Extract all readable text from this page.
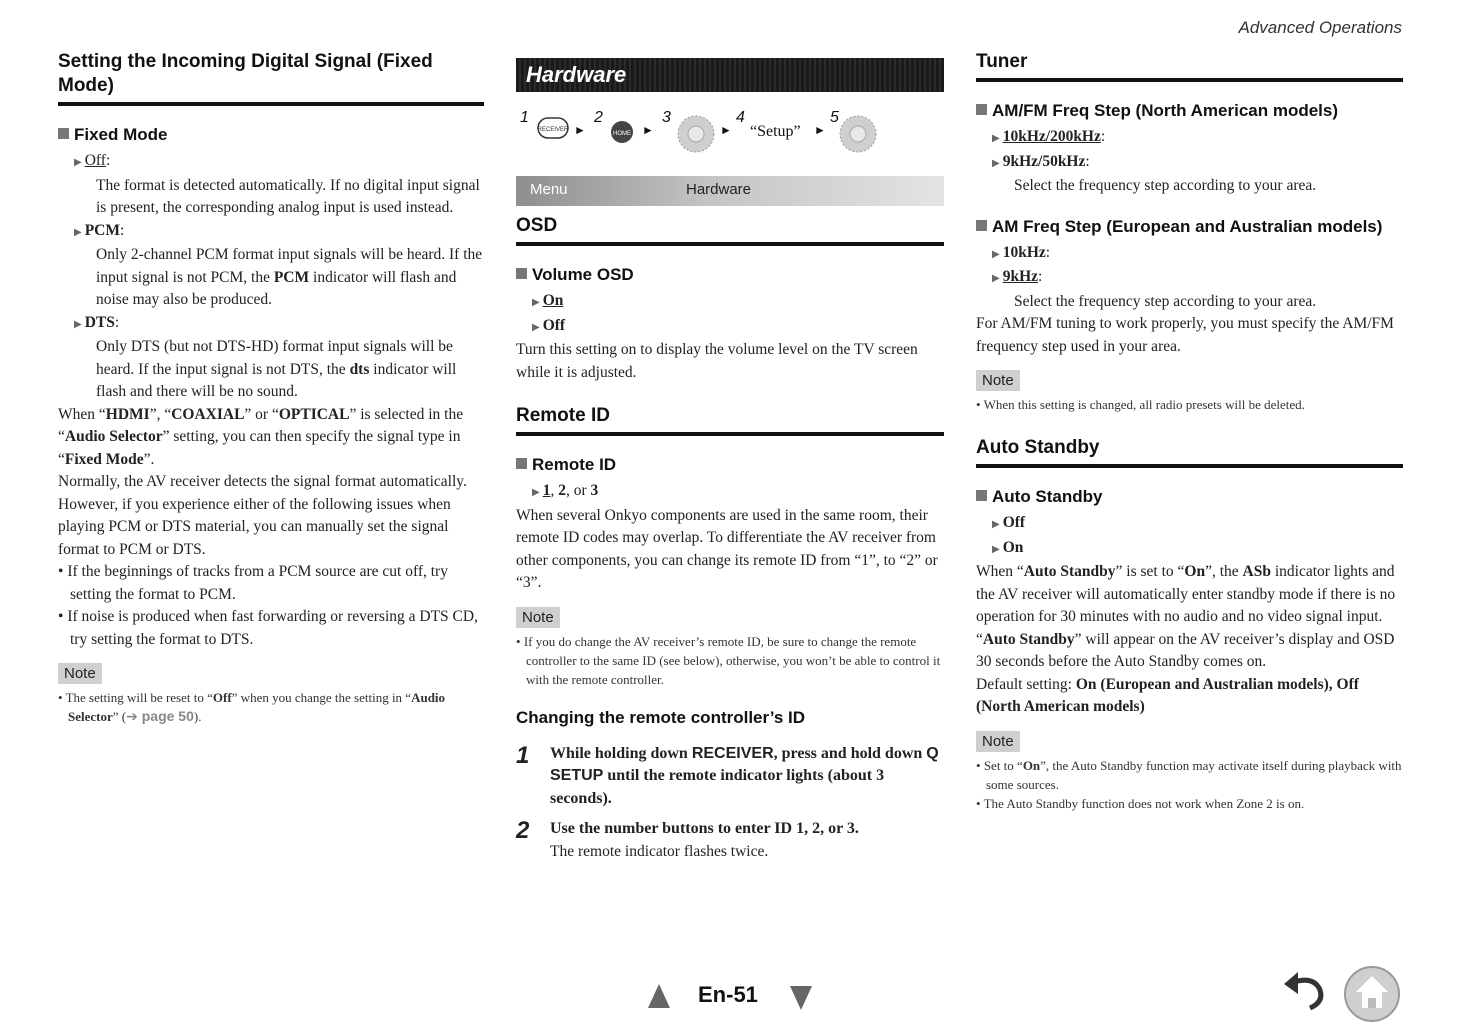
Advanced Operations
Setting the Incoming Digital Signal (Fixed Mode)
Fixed Mode
▶ Off:
The format is detected automatically. If no digital input signal is present, the corresponding analog input is used instead.
▶ PCM:
Only 2-channel PCM format input signals will be heard. If the input signal is not PCM, the PCM indicator will flash and noise may also be produced.
▶ DTS:
Only DTS (but not DTS-HD) format input signals will be heard. If the input signal is not DTS, the dts indicator will flash and there will be no sound.

When “HDMI”, “COAXIAL” or “OPTICAL” is selected in the “Audio Selector” setting, you can then specify the signal type in “Fixed Mode”.

Normally, the AV receiver detects the signal format automatically. However, if you experience either of the following issues when playing PCM or DTS material, you can manually set the signal format to PCM or DTS.

• If the beginnings of tracks from a PCM source are cut off, try setting the format to PCM.
• If noise is produced when fast forwarding or reversing a DTS CD, try setting the format to DTS.
Note
• The setting will be reset to “Off” when you change the setting in “Audio Selector” (➔ page 50).
Hardware
1
RECEIVER ►
2
HOME ►
3
►
4
“Setup” ►
5
Menu	Hardware
OSD
Volume OSD
▶ On
▶ Off

Turn this setting on to display the volume level on the TV screen while it is adjusted.

Remote ID
Remote ID
▶ 1, 2, or 3

When several Onkyo components are used in the same room, their remote ID codes may overlap. To differentiate the AV receiver from other components, you can change its remote ID from “1”, to “2” or “3”.

Note
• If you do change the AV receiver’s remote ID, be sure to change the remote controller to the same ID (see below), otherwise, you won’t be able to control it with the remote controller.
Changing the remote controller’s ID
1	While holding down RECEIVER, press and hold down Q SETUP until the remote indicator lights (about 3 seconds).
2	Use the number buttons to enter ID 1, 2, or 3.

The remote indicator flashes twice.

Tuner
AM/FM Freq Step (North American models)
▶ 10kHz/200kHz:
▶ 9kHz/50kHz:
Select the frequency step according to your area.
AM Freq Step (European and Australian models)
▶ 10kHz:
▶ 9kHz:
Select the frequency step according to your area.

For AM/FM tuning to work properly, you must specify the AM/FM frequency step used in your area.

Note
• When this setting is changed, all radio presets will be deleted.
Auto Standby
Auto Standby
▶ Off
▶ On

When “Auto Standby” is set to “On”, the ASb indicator lights and the AV receiver will automatically enter standby mode if there is no operation for 30 minutes with no audio and no video signal input.

“Auto Standby” will appear on the AV receiver’s display and OSD 30 seconds before the Auto Standby comes on.

Default setting: On (European and Australian models), Off (North American models)

Note
• Set to “On”, the Auto Standby function may activate itself during playback with some sources.
• The Auto Standby function does not work when Zone 2 is on.
En-51
